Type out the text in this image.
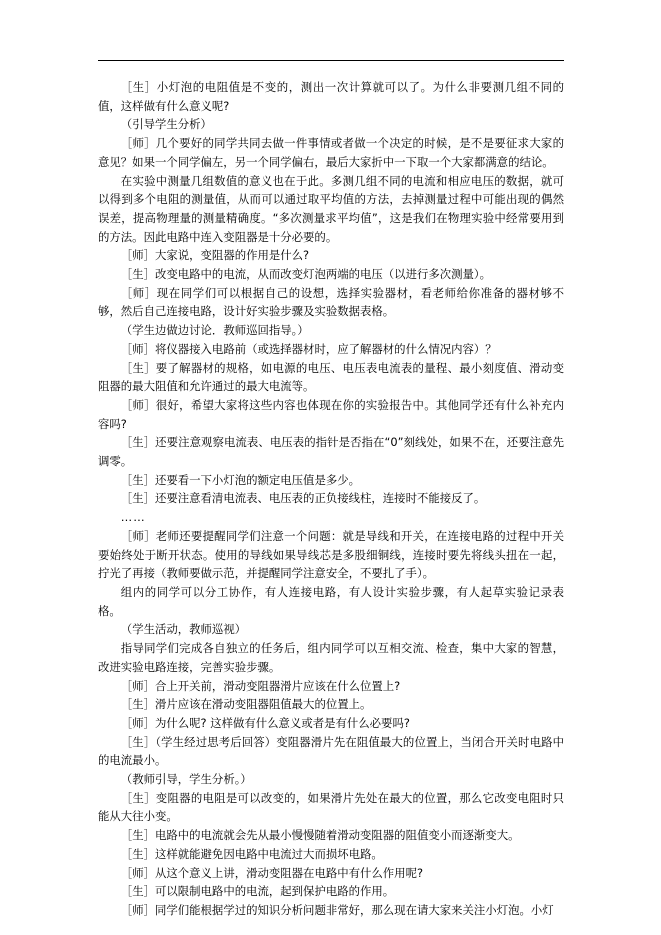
［生］小灯泡的电阻值是不变的，测出一次计算就可以了。为什么非要测几组不同的值，这样做有什么意义呢?

（引导学生分析）

［师］几个要好的同学共同去做一件事情或者做一个决定的时候，是不是要征求大家的意见？如果一个同学偏左，另一个同学偏右，最后大家折中一下取一个大家都满意的结论。

在实验中测量几组数值的意义也在于此。多测几组不同的电流和相应电压的数据，就可以得到多个电阻的测量值，从而可以通过取平均值的方法，去掉测量过程中可能出现的偶然误差，提高物理量的测量精确度。“多次测量求平均值”，这是我们在物理实验中经常要用到的方法。因此电路中连入变阻器是十分必要的。

［师］大家说，变阻器的作用是什么?

［生］改变电路中的电流，从而改变灯泡两端的电压（以进行多次测量）。

［师］现在同学们可以根据自己的设想，选择实验器材，看老师给你准备的器材够不够，然后自己连接电路，设计好实验步骤及实验数据表格。

（学生边做边讨论．教师巡回指导。）

［师］将仪器接入电路前（或选择器材时，应了解器材的什么情况内容）？

［生］要了解器材的规格，如电源的电压、电压表电流表的量程、最小刻度值、滑动变阻器的最大阻值和允许通过的最大电流等。

［师］很好，希望大家将这些内容也体现在你的实验报告中。其他同学还有什么补充内容吗?

［生］还要注意观察电流表、电压表的指针是否指在“0”刻线处，如果不在，还要注意先调零。

［生］还要看一下小灯泡的额定电压值是多少。

［生］还要注意看清电流表、电压表的正负接线柱，连接时不能接反了。

……

［师］老师还要提醒同学们注意一个问题：就是导线和开关，在连接电路的过程中开关要始终处于断开状态。使用的导线如果导线芯是多股细铜线，连接时要先将线头扭在一起，拧光了再接（教师要做示范，并提醒同学注意安全，不要扎了手）。

组内的同学可以分工协作，有人连接电路，有人设计实验步骤，有人起草实验记录表格。

（学生活动，教师巡视）

指导同学们完成各自独立的任务后，组内同学可以互相交流、检查，集中大家的智慧，改进实验电路连接，完善实验步骤。

［师］合上开关前，滑动变阻器滑片应该在什么位置上?

［生］滑片应该在滑动变阻器阻值最大的位置上。

［师］为什么呢? 这样做有什么意义或者是有什么必要吗?

［生］（学生经过思考后回答）变阻器滑片先在阻值最大的位置上，当闭合开关时电路中的电流最小。

（教师引导，学生分析。）

［生］变阻器的电阻是可以改变的，如果滑片先处在最大的位置，那么它改变电阻时只能从大往小变。

［生］电路中的电流就会先从最小慢慢随着滑动变阻器的阻值变小而逐渐变大。

［生］这样就能避免因电路中电流过大而损坏电路。

［师］从这个意义上讲，滑动变阻器在电路中有什么作用呢?

［生］可以限制电路中的电流，起到保护电路的作用。

［师］同学们能根据学过的知识分析问题非常好，那么现在请大家来关注小灯泡。小灯
